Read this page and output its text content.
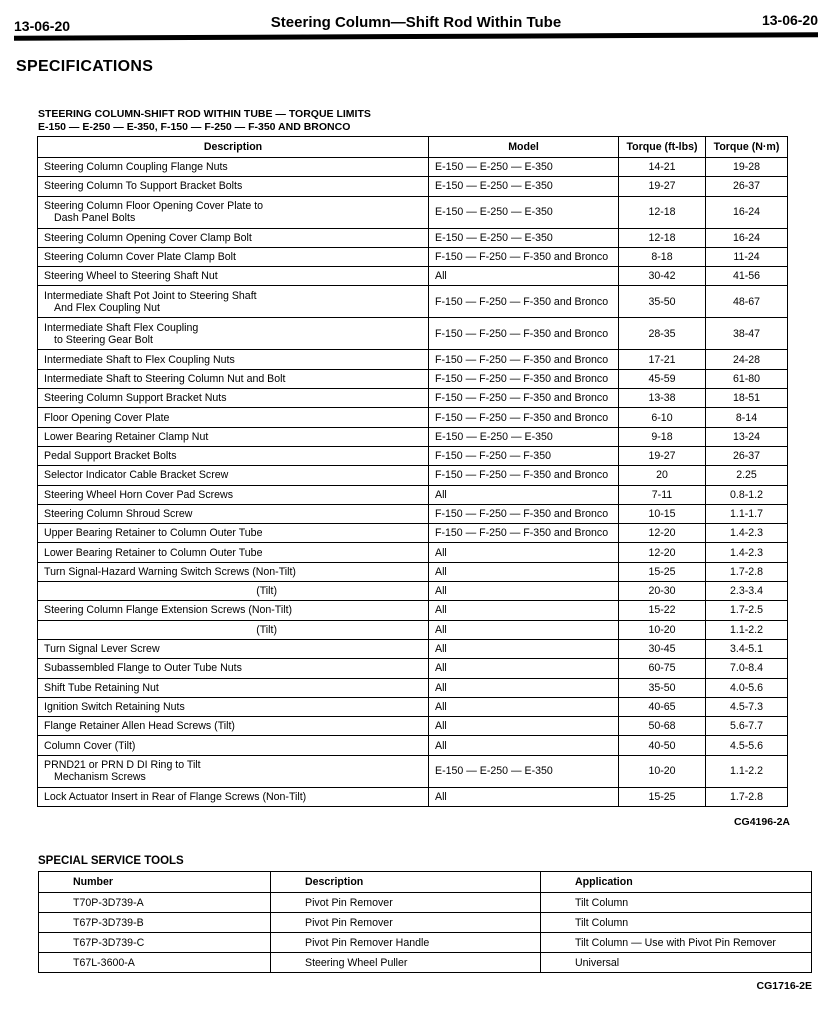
13-06-20	Steering Column—Shift Rod Within Tube	13-06-20
SPECIFICATIONS
STEERING COLUMN-SHIFT ROD WITHIN TUBE — TORQUE LIMITS
E-150 — E-250 — E-350, F-150 — F-250 — F-350 AND BRONCO
Description	Model	Torque (ft-lbs)	Torque (N·m)
Steering Column Coupling Flange Nuts	E-150 — E-250 — E-350	14-21	19-28
Steering Column To Support Bracket Bolts	E-150 — E-250 — E-350	19-27	26-37
Steering Column Floor Opening Cover Plate to
Dash Panel Bolts	E-150 — E-250 — E-350	12-18	16-24
Steering Column Opening Cover Clamp Bolt	E-150 — E-250 — E-350	12-18	16-24
Steering Column Cover Plate Clamp Bolt	F-150 — F-250 — F-350 and Bronco	8-18	11-24
Steering Wheel to Steering Shaft Nut	All	30-42	41-56
Intermediate Shaft Pot Joint to Steering Shaft
And Flex Coupling Nut	F-150 — F-250 — F-350 and Bronco	35-50	48-67
Intermediate Shaft Flex Coupling
to Steering Gear Bolt	F-150 — F-250 — F-350 and Bronco	28-35	38-47
Intermediate Shaft to Flex Coupling Nuts	F-150 — F-250 — F-350 and Bronco	17-21	24-28
Intermediate Shaft to Steering Column Nut and Bolt	F-150 — F-250 — F-350 and Bronco	45-59	61-80
Steering Column Support Bracket Nuts	F-150 — F-250 — F-350 and Bronco	13-38	18-51
Floor Opening Cover Plate	F-150 — F-250 — F-350 and Bronco	6-10	8-14
Lower Bearing Retainer Clamp Nut	E-150 — E-250 — E-350	9-18	13-24
Pedal Support Bracket Bolts	F-150 — F-250 — F-350	19-27	26-37
Selector Indicator Cable Bracket Screw	F-150 — F-250 — F-350 and Bronco	20	2.25
Steering Wheel Horn Cover Pad Screws	All	7-11	0.8-1.2
Steering Column Shroud Screw	F-150 — F-250 — F-350 and Bronco	10-15	1.1-1.7
Upper Bearing Retainer to Column Outer Tube	F-150 — F-250 — F-350 and Bronco	12-20	1.4-2.3
Lower Bearing Retainer to Column Outer Tube	All	12-20	1.4-2.3
Turn Signal-Hazard Warning Switch Screws (Non-Tilt)	All	15-25	1.7-2.8

(Tilt)	All	20-30	2.3-3.4
Steering Column Flange Extension Screws (Non-Tilt)	All	15-22	1.7-2.5

(Tilt)	All	10-20	1.1-2.2
Turn Signal Lever Screw	All	30-45	3.4-5.1
Subassembled Flange to Outer Tube Nuts	All	60-75	7.0-8.4
Shift Tube Retaining Nut	All	35-50	4.0-5.6
Ignition Switch Retaining Nuts	All	40-65	4.5-7.3
Flange Retainer Allen Head Screws (Tilt)	All	50-68	5.6-7.7
Column Cover (Tilt)	All	40-50	4.5-5.6
PRND21 or PRN D DI Ring to Tilt
Mechanism Screws	E-150 — E-250 — E-350	10-20	1.1-2.2
Lock Actuator Insert in Rear of Flange Screws (Non-Tilt)	All	15-25	1.7-2.8
CG4196-2A
SPECIAL SERVICE TOOLS
Number	Description	Application
T70P-3D739-A	Pivot Pin Remover	Tilt Column
T67P-3D739-B	Pivot Pin Remover	Tilt Column
T67P-3D739-C	Pivot Pin Remover Handle	Tilt Column — Use with Pivot Pin Remover
T67L-3600-A	Steering Wheel Puller	Universal
CG1716-2E
